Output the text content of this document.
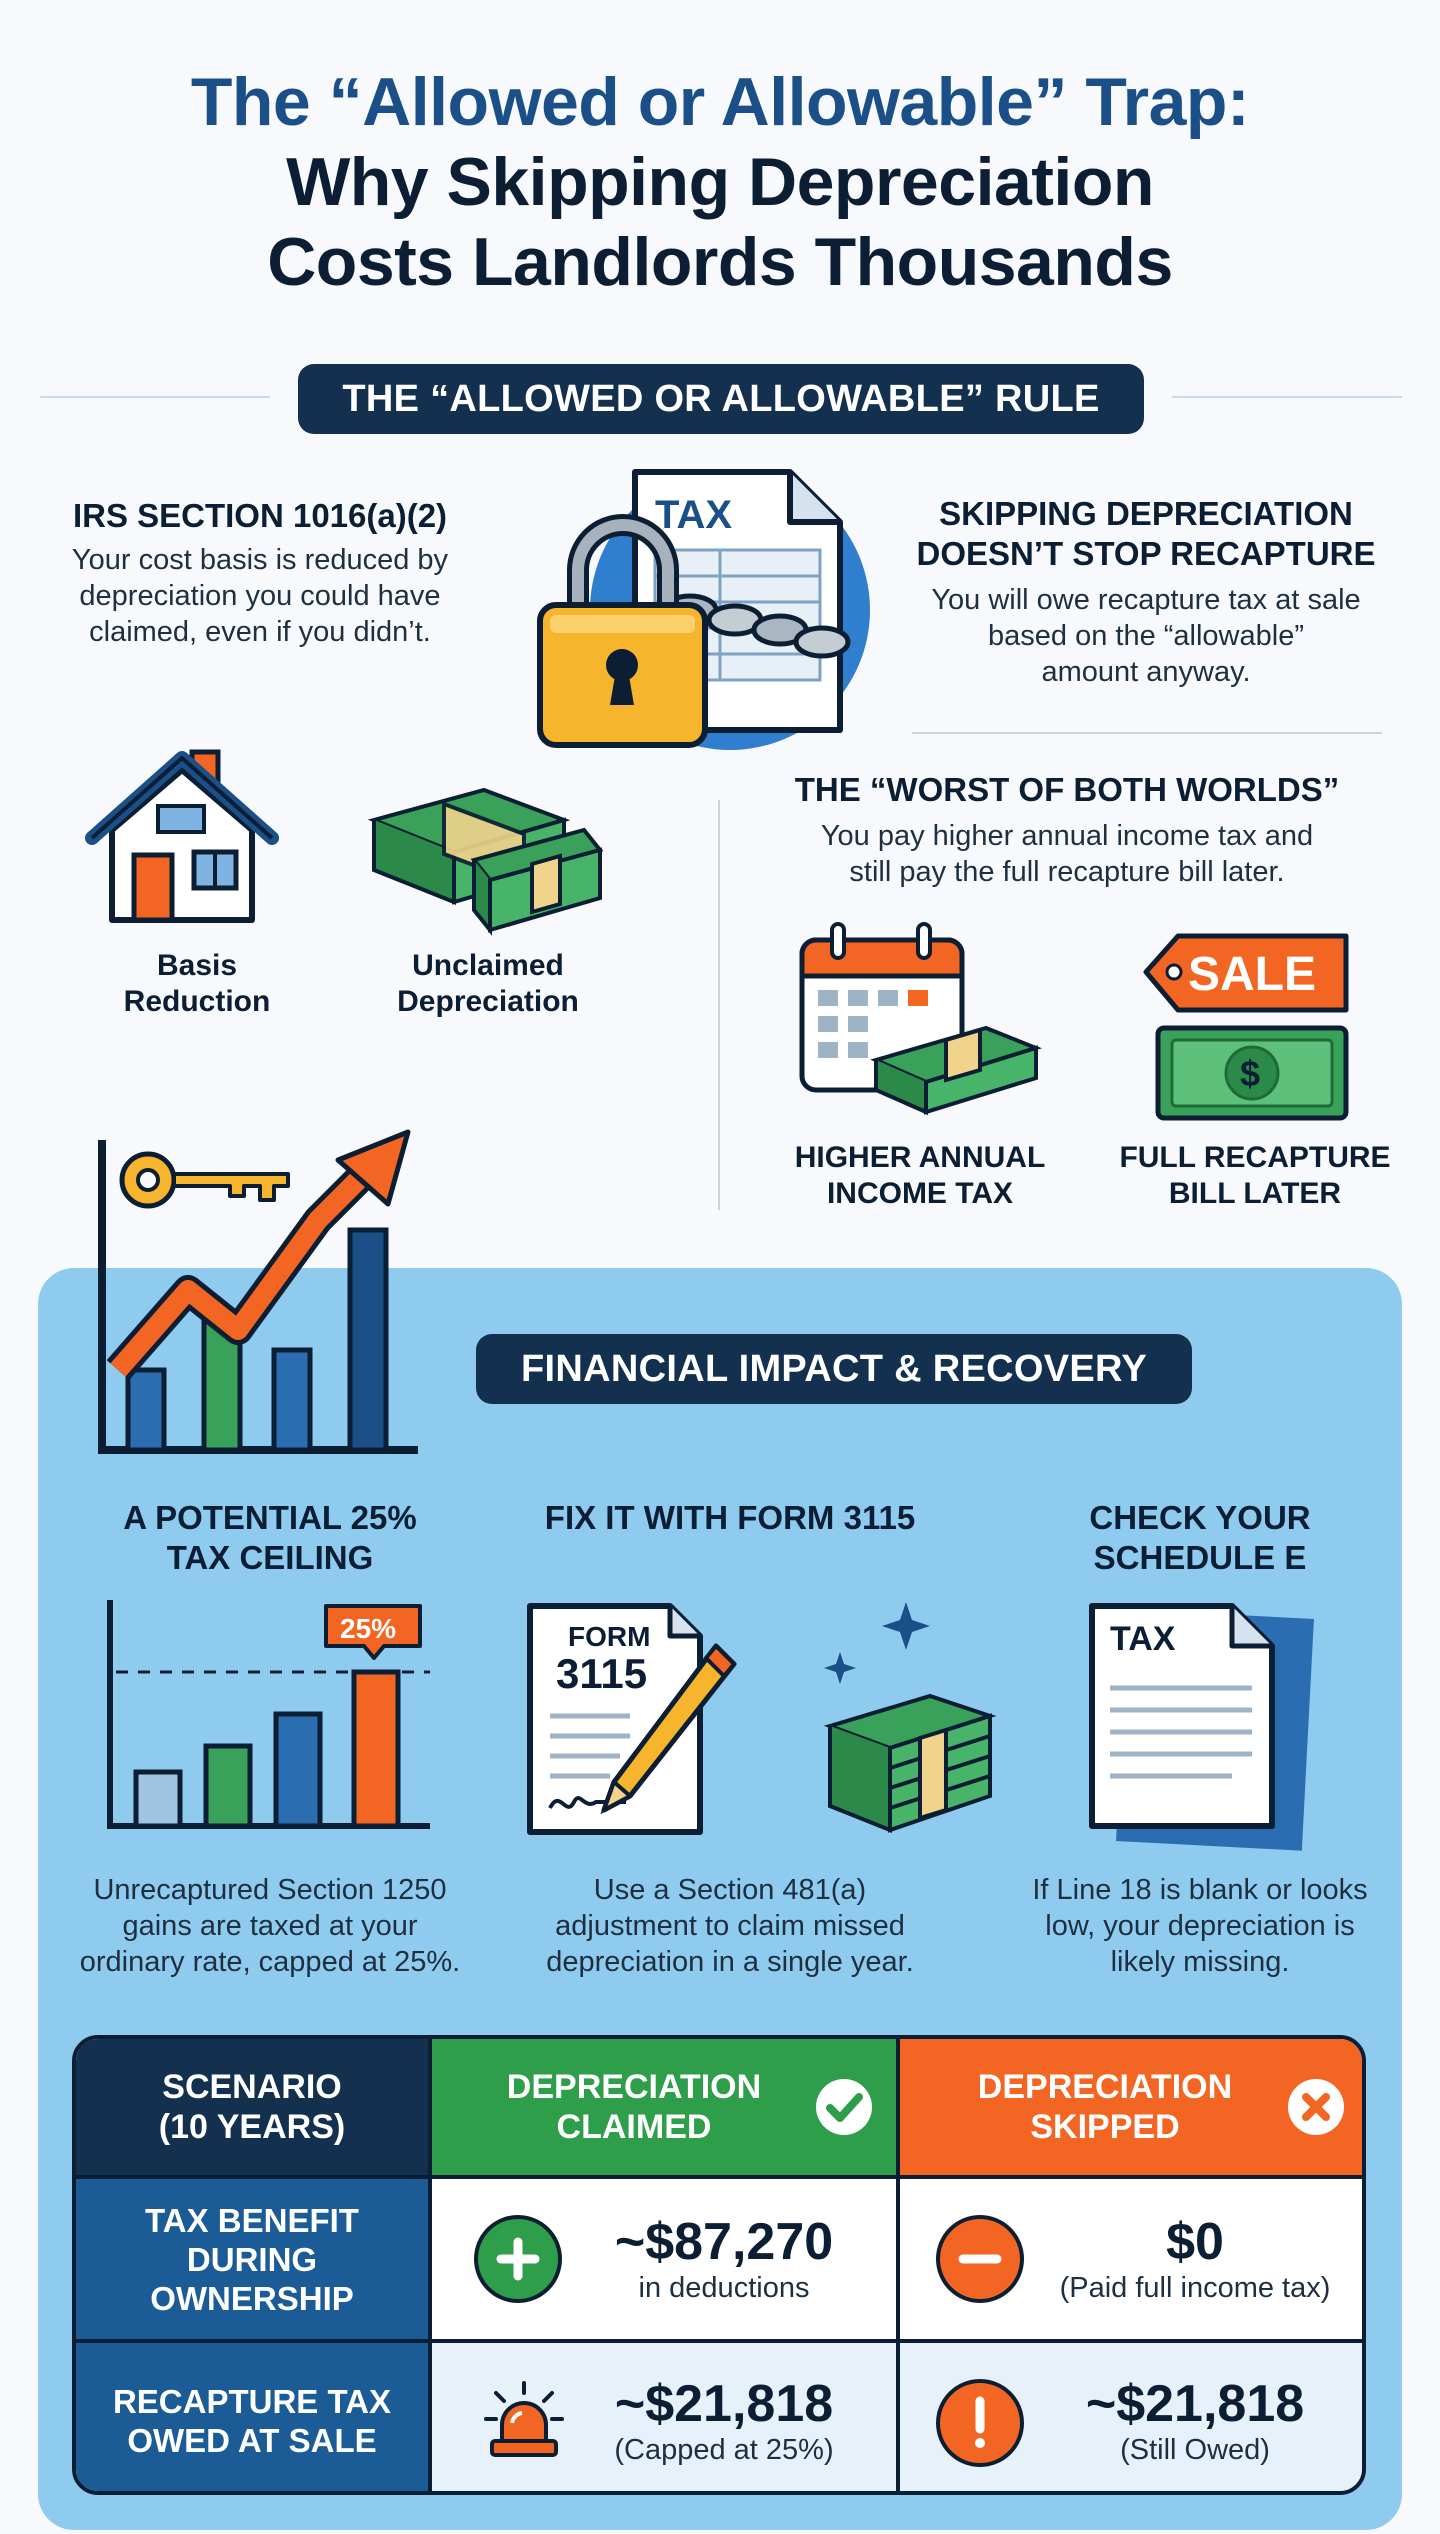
The “Allowed or Allowable” Trap:
Why Skipping Depreciation
Costs Landlords Thousands
THE “ALLOWED OR ALLOWABLE” RULE
IRS SECTION 1016(a)(2)
Your cost basis is reduced by
depreciation you could have
claimed, even if you didn’t.
TAX	SKIPPING DEPRECIATION
DOESN’T STOP RECAPTURE
You will owe recapture tax at sale
based on the “allowable”
amount anyway.
Basis
Reduction
Unclaimed
Depreciation
THE “WORST OF BOTH WORLDS”
You pay higher annual income tax and
still pay the full recapture bill later.
SALE
$
HIGHER ANNUAL
INCOME TAX
FULL RECAPTURE
BILL LATER
FINANCIAL IMPACT & RECOVERY
A POTENTIAL 25%
TAX CEILING
25%
Unrecaptured Section 1250
gains are taxed at your
ordinary rate, capped at 25%.
FIX IT WITH FORM 3115
FORM
3115
Use a Section 481(a)
adjustment to claim missed
depreciation in a single year.
CHECK YOUR
SCHEDULE E
TAX
If Line 18 is blank or looks
low, your depreciation is
likely missing.
SCENARIO
(10 YEARS)
DEPRECIATION
CLAIMED
DEPRECIATION
SKIPPED
TAX BENEFIT
DURING
OWNERSHIP
~$87,270
in deductions
$0
(Paid full income tax)
RECAPTURE TAX
OWED AT SALE
~$21,818
(Capped at 25%)
~$21,818
(Still Owed)
